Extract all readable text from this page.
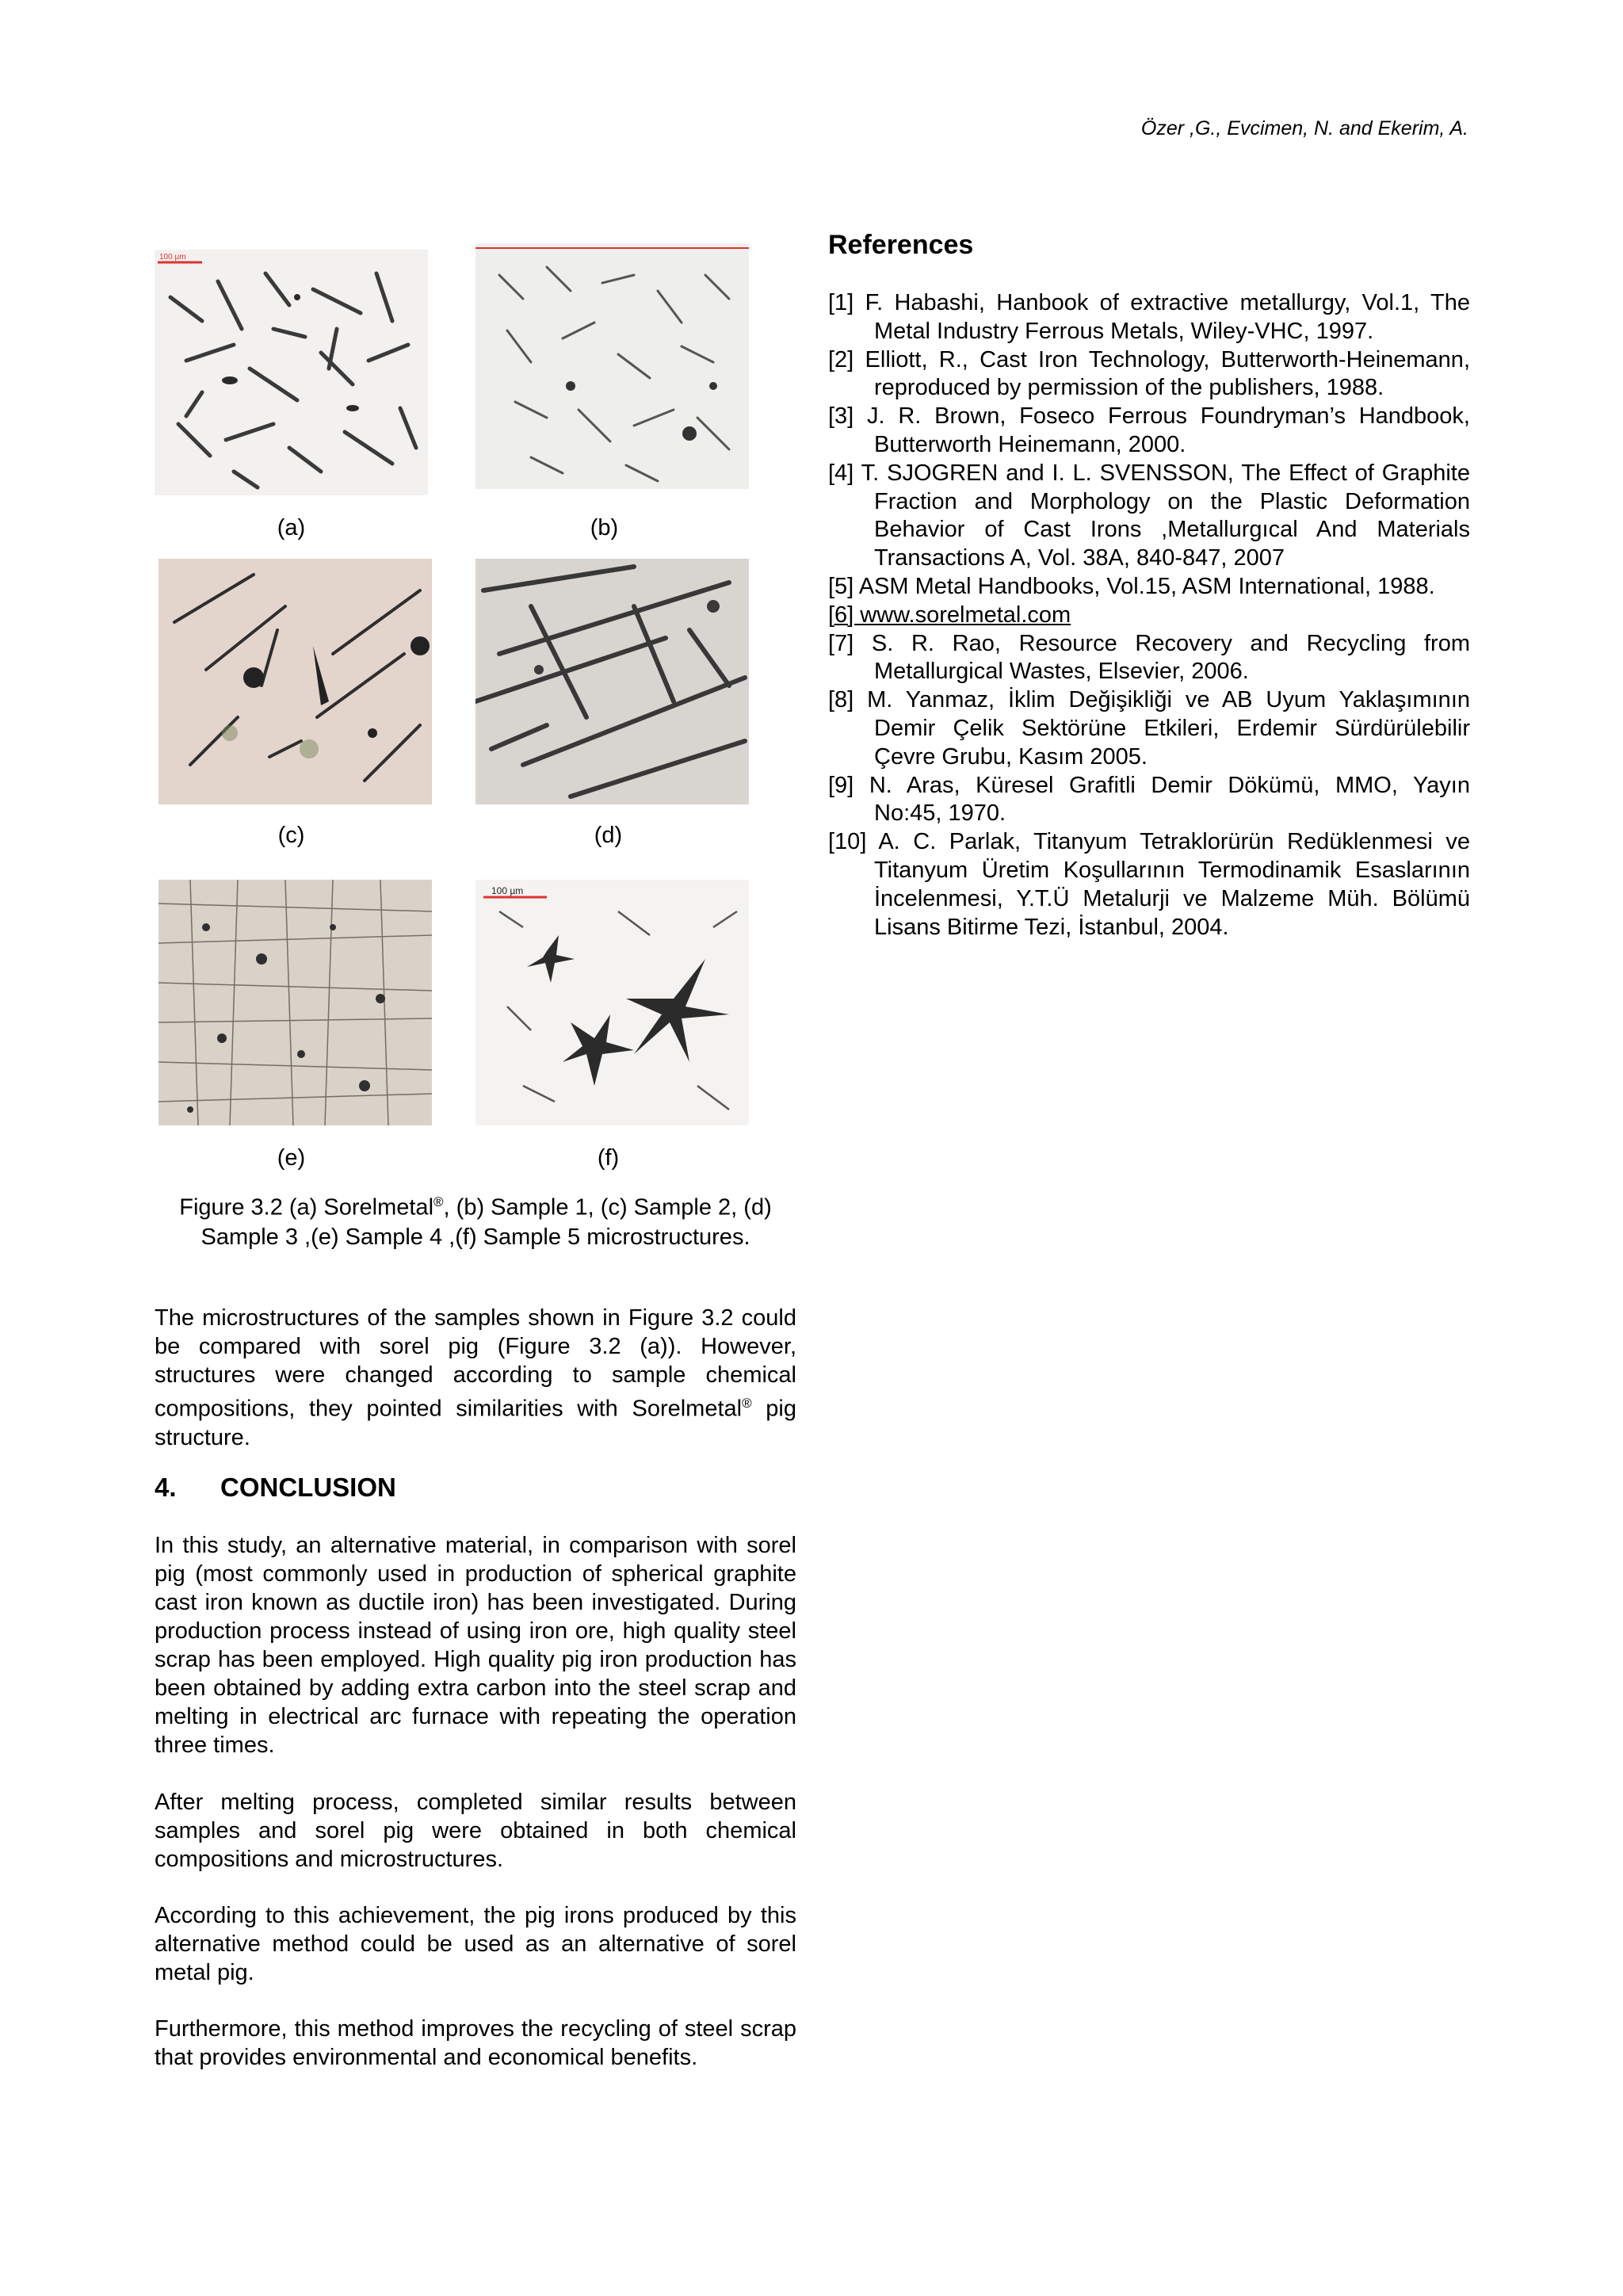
Özer ,G., Evcimen, N. and Ekerim, A.
100 µm
(a)	(b)
(c)	(d)
100 µm
(e)	(f)
Figure 3.2 (a) Sorelmetal®, (b) Sample 1, (c) Sample 2, (d) Sample 3 ,(e) Sample 4 ,(f) Sample 5 microstructures.

The microstructures of the samples shown in Figure 3.2 could be compared with sorel pig (Figure 3.2 (a)). However, structures were changed according to sample chemical compositions, they pointed similarities with Sorelmetal® pig structure.

4. CONCLUSION

In this study, an alternative material, in comparison with sorel pig (most commonly used in production of spherical graphite cast iron known as ductile iron) has been investigated. During production process instead of using iron ore, high quality steel scrap has been employed. High quality pig iron production has been obtained by adding extra carbon into the steel scrap and melting in electrical arc furnace with repeating the operation three times.

After melting process, completed similar results between samples and sorel pig were obtained in both chemical compositions and microstructures.

According to this achievement, the pig irons produced by this alternative method could be used as an alternative of sorel metal pig.

Furthermore, this method improves the recycling of steel scrap that provides environmental and economical benefits.

References
[1] F. Habashi, Hanbook of extractive metallurgy, Vol.1, The Metal Industry Ferrous Metals, Wiley-VHC, 1997.
[2] Elliott, R., Cast Iron Technology, Butterworth-Heinemann, reproduced by permission of the publishers, 1988.
[3] J. R. Brown, Foseco Ferrous Foundryman’s Handbook, Butterworth Heinemann, 2000.
[4] T. SJOGREN and I. L. SVENSSON, The Effect of Graphite Fraction and Morphology on the Plastic Deformation Behavior of Cast Irons ,Metallurgıcal And Materials Transactions A, Vol. 38A, 840-847, 2007
[5] ASM Metal Handbooks, Vol.15, ASM International, 1988.
[6] www.sorelmetal.com
[7] S. R. Rao, Resource Recovery and Recycling from Metallurgical Wastes, Elsevier, 2006.
[8] M. Yanmaz, İklim Değişikliği ve AB Uyum Yaklaşımının Demir Çelik Sektörüne Etkileri, Erdemir Sürdürülebilir Çevre Grubu, Kasım 2005.
[9] N. Aras, Küresel Grafitli Demir Dökümü, MMO, Yayın No:45, 1970.
[10] A. C. Parlak, Titanyum Tetraklorürün Redüklenmesi ve Titanyum Üretim Koşullarının Termodinamik Esaslarının İncelenmesi, Y.T.Ü Metalurji ve Malzeme Müh. Bölümü Lisans Bitirme Tezi, İstanbul, 2004.
